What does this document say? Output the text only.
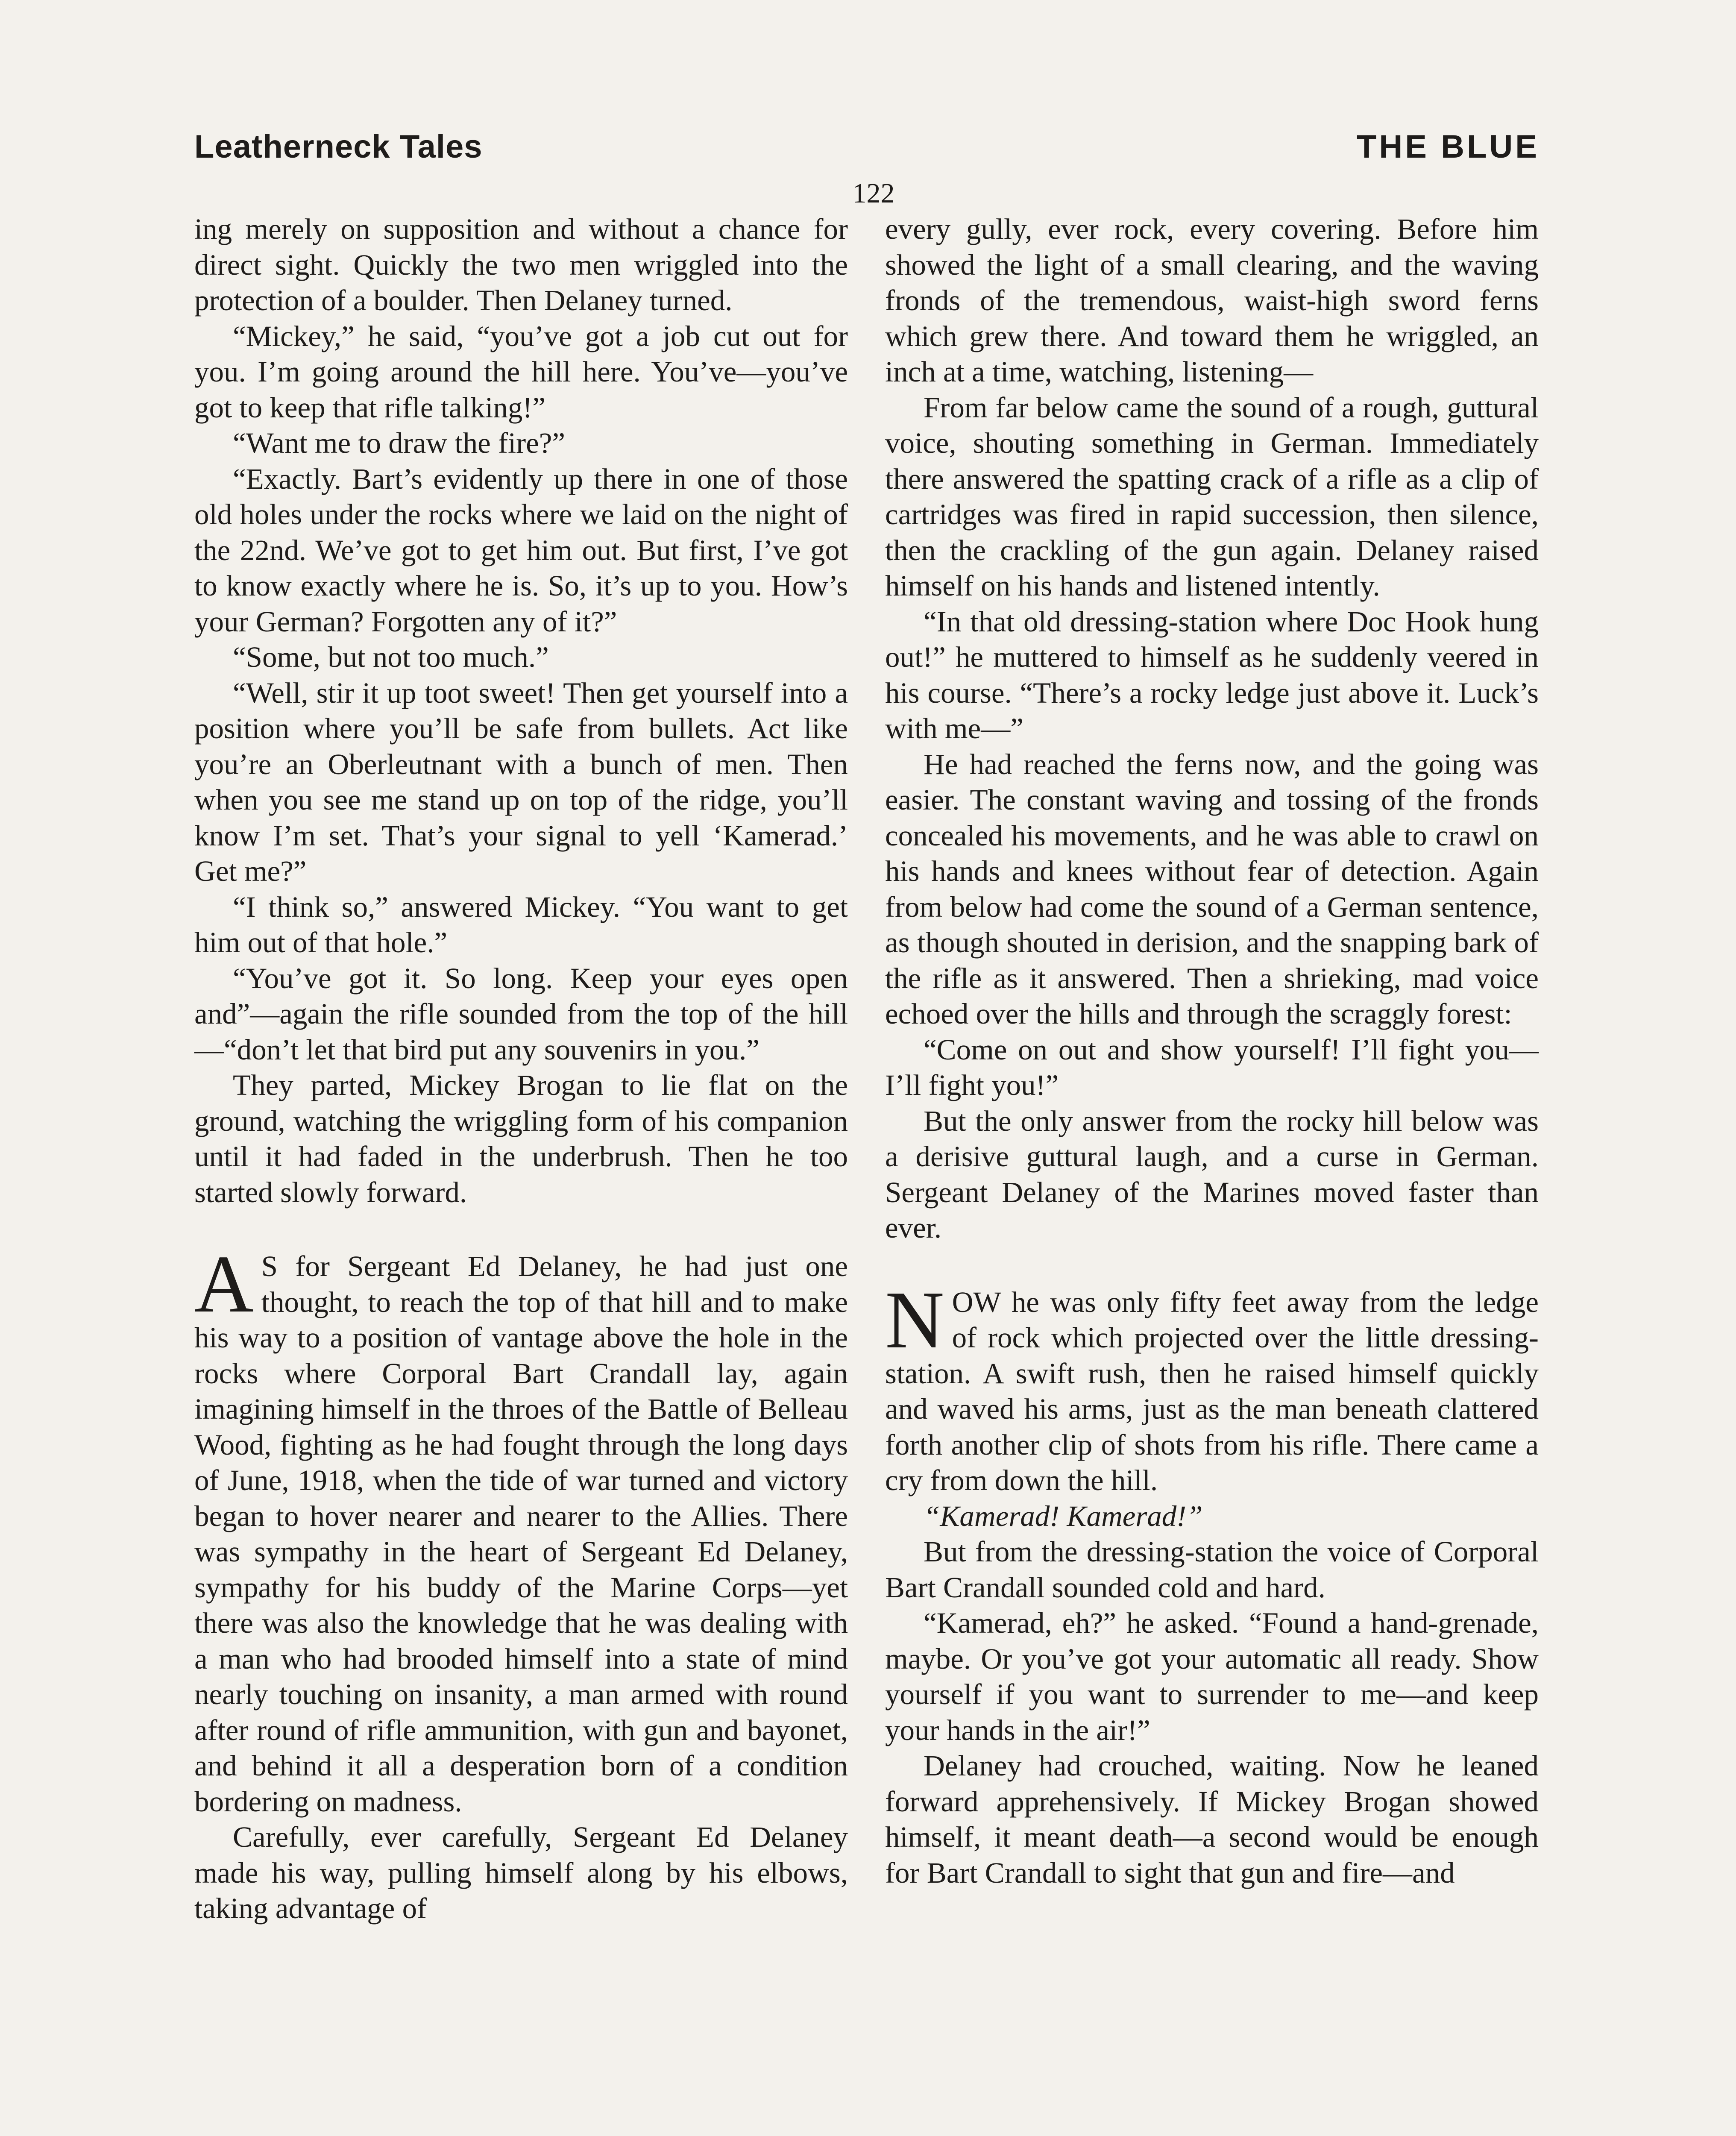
Leatherneck Tales	THE BLUE
122

ing merely on supposition and without a chance for direct sight. Quickly the two men wriggled into the protection of a boulder. Then Delaney turned.

“Mickey,” he said, “you’ve got a job cut out for you. I’m going around the hill here. You’ve—you’ve got to keep that rifle talking!”

“Want me to draw the fire?”

“Exactly. Bart’s evidently up there in one of those old holes under the rocks where we laid on the night of the 22nd. We’ve got to get him out. But first, I’ve got to know exactly where he is. So, it’s up to you. How’s your German? Forgotten any of it?”

“Some, but not too much.”

“Well, stir it up toot sweet! Then get yourself into a position where you’ll be safe from bullets. Act like you’re an Oberleutnant with a bunch of men. Then when you see me stand up on top of the ridge, you’ll know I’m set. That’s your signal to yell ‘Kamerad.’ Get me?”

“I think so,” answered Mickey. “You want to get him out of that hole.”

“You’ve got it. So long. Keep your eyes open and”—again the rifle sounded from the top of the hill—“don’t let that bird put any souvenirs in you.”

They parted, Mickey Brogan to lie flat on the ground, watching the wriggling form of his companion until it had faded in the underbrush. Then he too started slowly forward.

A S for Sergeant Ed Delaney, he had just one thought, to reach the top of that hill and to make his way to a position of vantage above the hole in the rocks where Corporal Bart Crandall lay, again imagining himself in the throes of the Battle of Belleau Wood, fighting as he had fought through the long days of June, 1918, when the tide of war turned and victory began to hover nearer and nearer to the Allies. There was sympathy in the heart of Sergeant Ed Delaney, sympathy for his buddy of the Marine Corps—yet there was also the knowledge that he was dealing with a man who had brooded himself into a state of mind nearly touching on insanity, a man armed with round after round of rifle ammunition, with gun and bayonet, and behind it all a desperation born of a condition bordering on madness.

Carefully, ever carefully, Sergeant Ed Delaney made his way, pulling himself along by his elbows, taking advantage of

every gully, ever rock, every covering. Before him showed the light of a small clearing, and the waving fronds of the tremendous, waist-high sword ferns which grew there. And toward them he wriggled, an inch at a time, watching, listening—

From far below came the sound of a rough, guttural voice, shouting something in German. Immediately there answered the spatting crack of a rifle as a clip of cartridges was fired in rapid succession, then silence, then the crackling of the gun again. Delaney raised himself on his hands and listened intently.

“In that old dressing-station where Doc Hook hung out!” he muttered to himself as he suddenly veered in his course. “There’s a rocky ledge just above it. Luck’s with me—”

He had reached the ferns now, and the going was easier. The constant waving and tossing of the fronds concealed his movements, and he was able to crawl on his hands and knees without fear of detection. Again from below had come the sound of a German sentence, as though shouted in derision, and the snapping bark of the rifle as it answered. Then a shrieking, mad voice echoed over the hills and through the scraggly forest:

“Come on out and show yourself! I’ll fight you—I’ll fight you!”

But the only answer from the rocky hill below was a derisive guttural laugh, and a curse in German. Sergeant Delaney of the Marines moved faster than ever.

NOW he was only fifty feet away from the ledge of rock which projected over the little dressing-station. A swift rush, then he raised himself quickly and waved his arms, just as the man beneath clattered forth another clip of shots from his rifle. There came a cry from down the hill.

“Kamerad! Kamerad!”

But from the dressing-station the voice of Corporal Bart Crandall sounded cold and hard.

“Kamerad, eh?” he asked. “Found a hand-grenade, maybe. Or you’ve got your automatic all ready. Show yourself if you want to surrender to me—and keep your hands in the air!”

Delaney had crouched, waiting. Now he leaned forward apprehensively. If Mickey Brogan showed himself, it meant death—a second would be enough for Bart Crandall to sight that gun and fire—and
